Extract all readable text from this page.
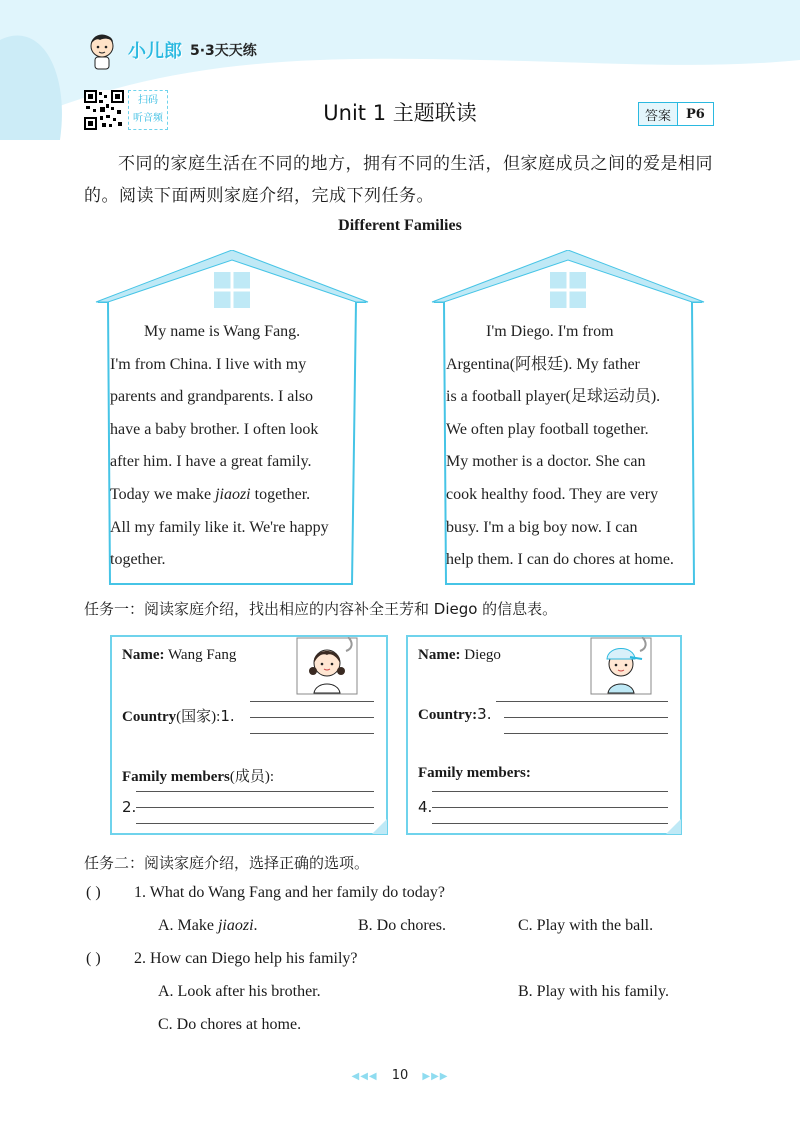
小儿郎 5·3天天练
扫码
听音频	Unit 1 主题联读	答案	P6
不同的家庭生活在不同的地方，拥有不同的生活，但家庭成员之间的爱是相同的。阅读下面两则家庭介绍，完成下列任务。
Different Families
My name is Wang Fang.
I'm from China. I live with my
parents and grandparents. I also
have a baby brother. I often look
after him. I have a great family.
Today we make jiaozi together.
All my family like it. We're happy
together.
I'm Diego. I'm from
Argentina(阿根廷). My father
is a football player(足球运动员).
We often play football together.
My mother is a doctor. She can
cook healthy food. They are very
busy. I'm a big boy now. I can
help them. I can do chores at home.
任务一：阅读家庭介绍，找出相应的内容补全王芳和 Diego 的信息表。
Name: Wang Fang
Country(国家):1.
Family members(成员):
2.
Name: Diego
Country:3.
Family members:
4.
任务二：阅读家庭介绍，选择正确的选项。
( ) 1. What do Wang Fang and her family do today?
A. Make jiaozi.	B. Do chores.	C. Play with the ball.
( ) 2. How can Diego help his family?
A. Look after his brother.	B. Play with his family.
C. Do chores at home.
◀◀◀ 10 ▶▶▶
